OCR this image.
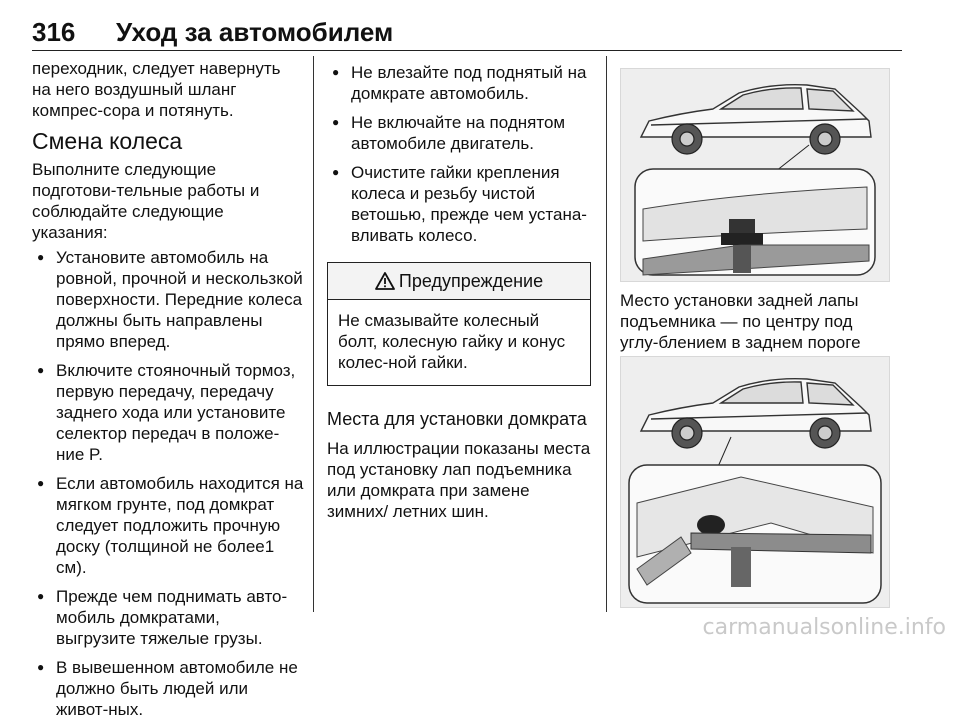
316 Уход за автомобилем

переходник, следует навернуть на него воздушный шланг компрес-сора и потянуть.

Смена колеса

Выполните следующие подготови-тельные работы и соблюдайте следующие указания:

● Установите автомобиль на ровной, прочной и нескользкой поверхности. Передние колеса должны быть направлены прямо вперед.
● Включите стояночный тормоз, первую передачу, передачу заднего хода или установите селектор передач в положе-ние P.
● Если автомобиль находится на мягком грунте, под домкрат следует подложить прочную доску (толщиной не более1 см).
● Прежде чем поднимать авто-мобиль домкратами, выгрузите тяжелые грузы.
● В вывешенном автомобиле не должно быть людей или живот-ных.
● Не влезайте под поднятый на домкрате автомобиль.
● Не включайте на поднятом автомобиле двигатель.
● Очистите гайки крепления колеса и резьбу чистой ветошью, прежде чем устана-вливать колесо.
Предупреждение
Не смазывайте колесный болт, колесную гайку и конус колес-ной гайки.
Места для установки домкрата

На иллюстрации показаны места под установку лап подъемника или домкрата при замене зимних/ летних шин.

Место установки задней лапы подъемника — по центру под углу-блением в заднем пороге

carmanualsonline.info
